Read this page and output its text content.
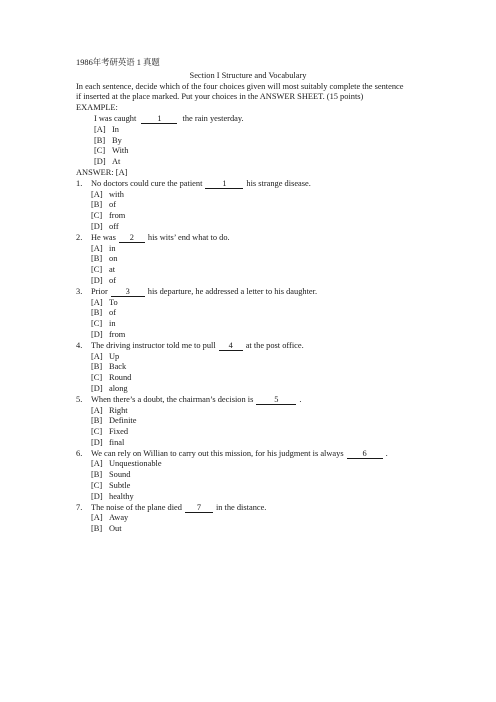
1986年考研英语 1 真题
Section I Structure and Vocabulary
In each sentence, decide which of the four choices given will most suitably complete the sentence
if inserted at the place marked. Put your choices in the ANSWER SHEET. (15 points)
EXAMPLE:
I was caught	1	the rain yesterday.
[A] In
[B] By
[C] With
[D] At
ANSWER: [A]
1. No doctors could cure the patient 1 his strange disease.
[A] with
[B] of
[C] from
[D] off
2. He was 2 his wits’ end what to do.
[A] in
[B] on
[C] at
[D] of
3. Prior 3 his departure, he addressed a letter to his daughter.
[A] To
[B] of
[C] in
[D] from
4. The driving instructor told me to pull 4 at the post office.
[A] Up
[B] Back
[C] Round
[D] along
5. When there’s a doubt, the chairman’s decision is 5 .
[A] Right
[B] Definite
[C] Fixed
[D] final
6. We can rely on Willian to carry out this mission, for his judgment is always 6 .
[A] Unquestionable
[B] Sound
[C] Subtle
[D] healthy
7. The noise of the plane died 7 in the distance.
[A] Away
[B] Out
